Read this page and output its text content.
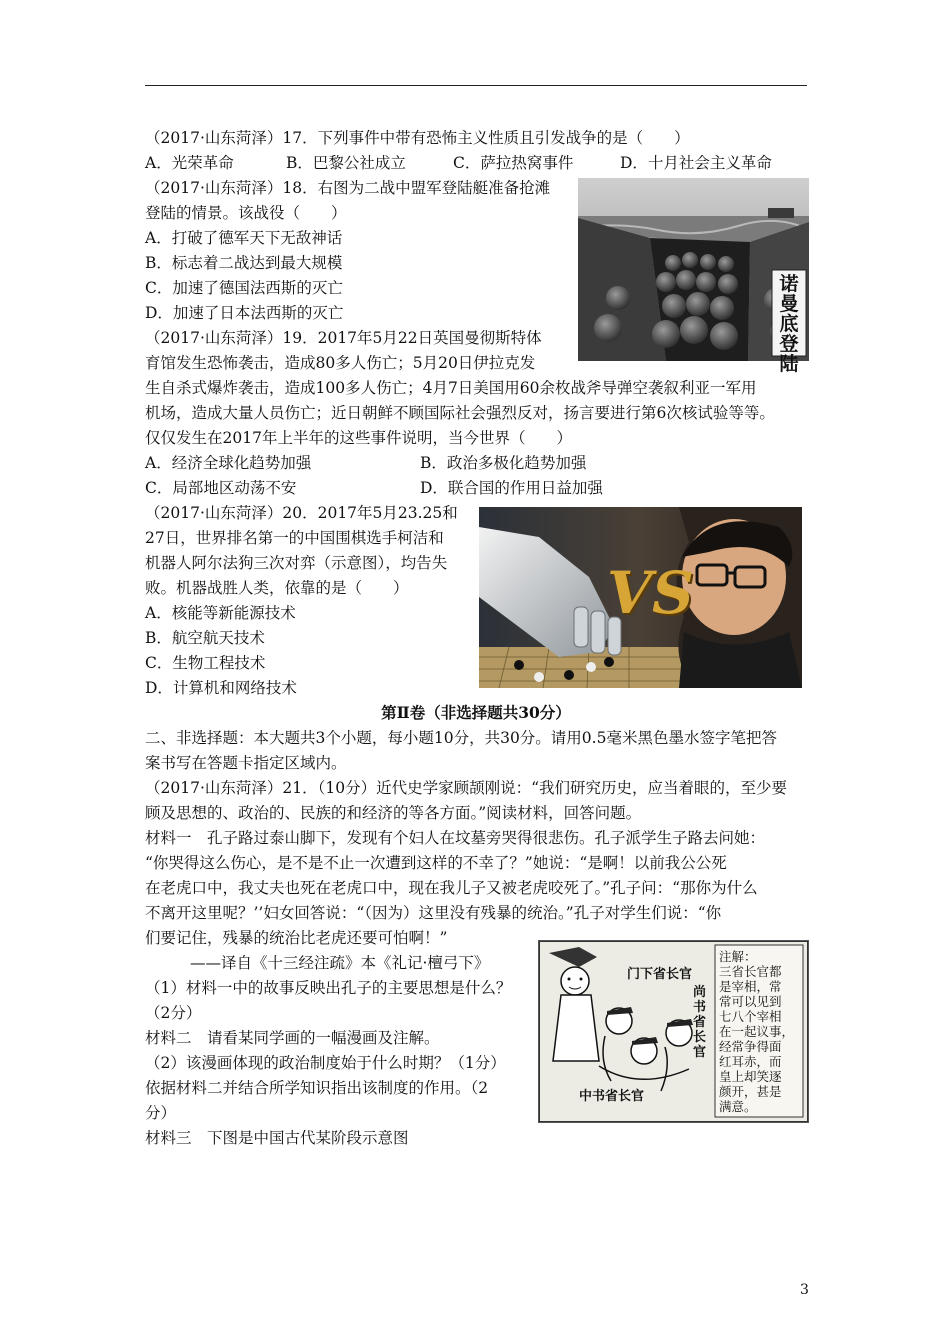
（2017·山东菏泽）17．下列事件中带有恐怖主义性质且引发战争的是（　　）
A．光荣革命	B．巴黎公社成立	C．萨拉热窝事件	D．十月社会主义革命
（2017·山东菏泽）18．右图为二战中盟军登陆艇准备抢滩
登陆的情景。该战役（　　）
A．打破了德军天下无敌神话
B．标志着二战达到最大规模
C．加速了德国法西斯的灭亡
D．加速了日本法西斯的灭亡
诺曼底登陆
（2017·山东菏泽）19．2017年5月22日英国曼彻斯特体
育馆发生恐怖袭击，造成80多人伤亡；5月20日伊拉克发
生自杀式爆炸袭击，造成100多人伤亡；4月7日美国用60余枚战斧导弹空袭叙利亚一军用
机场，造成大量人员伤亡；近日朝鲜不顾国际社会强烈反对，扬言要进行第6次核试验等等。
仅仅发生在2017年上半年的这些事件说明，当今世界（　　）
A．经济全球化趋势加强	B．政治多极化趋势加强
C．局部地区动荡不安	D．联合国的作用日益加强
（2017·山东菏泽）20．2017年5月23.25和
27日，世界排名第一的中国围棋选手柯洁和
机器人阿尔法狗三次对弈（示意图），均告失
败。机器战胜人类，依靠的是（　　）
A．核能等新能源技术
B．航空航天技术
C．生物工程技术
D．计算机和网络技术
VS
第Ⅱ卷（非选择题共30分）
二、非选择题：本大题共3个小题，每小题10分，共30分。请用0.5毫米黑色墨水签字笔把答
案书写在答题卡指定区域内。
（2017·山东菏泽）21．（10分）近代史学家顾颉刚说：“我们研究历史，应当着眼的，至少要
顾及思想的、政治的、民族的和经济的等各方面。”阅读材料，回答问题。
材料一　孔子路过泰山脚下，发现有个妇人在坟墓旁哭得很悲伤。孔子派学生子路去问她：
“你哭得这么伤心，是不是不止一次遭到这样的不幸了？”她说：“是啊！以前我公公死
在老虎口中，我丈夫也死在老虎口中，现在我儿子又被老虎咬死了。”孔子问：“那你为什么
不离开这里呢？’’妇女回答说：“（因为）这里没有残暴的统治。”孔子对学生们说：“你
们要记住，残暴的统治比老虎还要可怕啊！”
——译自《十三经注疏》本《礼记·檀弓下》
（1）材料一中的故事反映出孔子的主要思想是什么？
（2分）
材料二　请看某同学画的一幅漫画及注解。
（2）该漫画体现的政治制度始于什么时期？（1分）
依据材料二并结合所学知识指出该制度的作用。（2
分）
材料三　下图是中国古代某阶段示意图
门下省长官
尚书省长官
中书省长官
注解：
三省长官都
是宰相，常
常可以见到
七八个宰相
在一起议事，
经常争得面
红耳赤，而
皇上却笑逐
颜开，甚是
满意。
3
